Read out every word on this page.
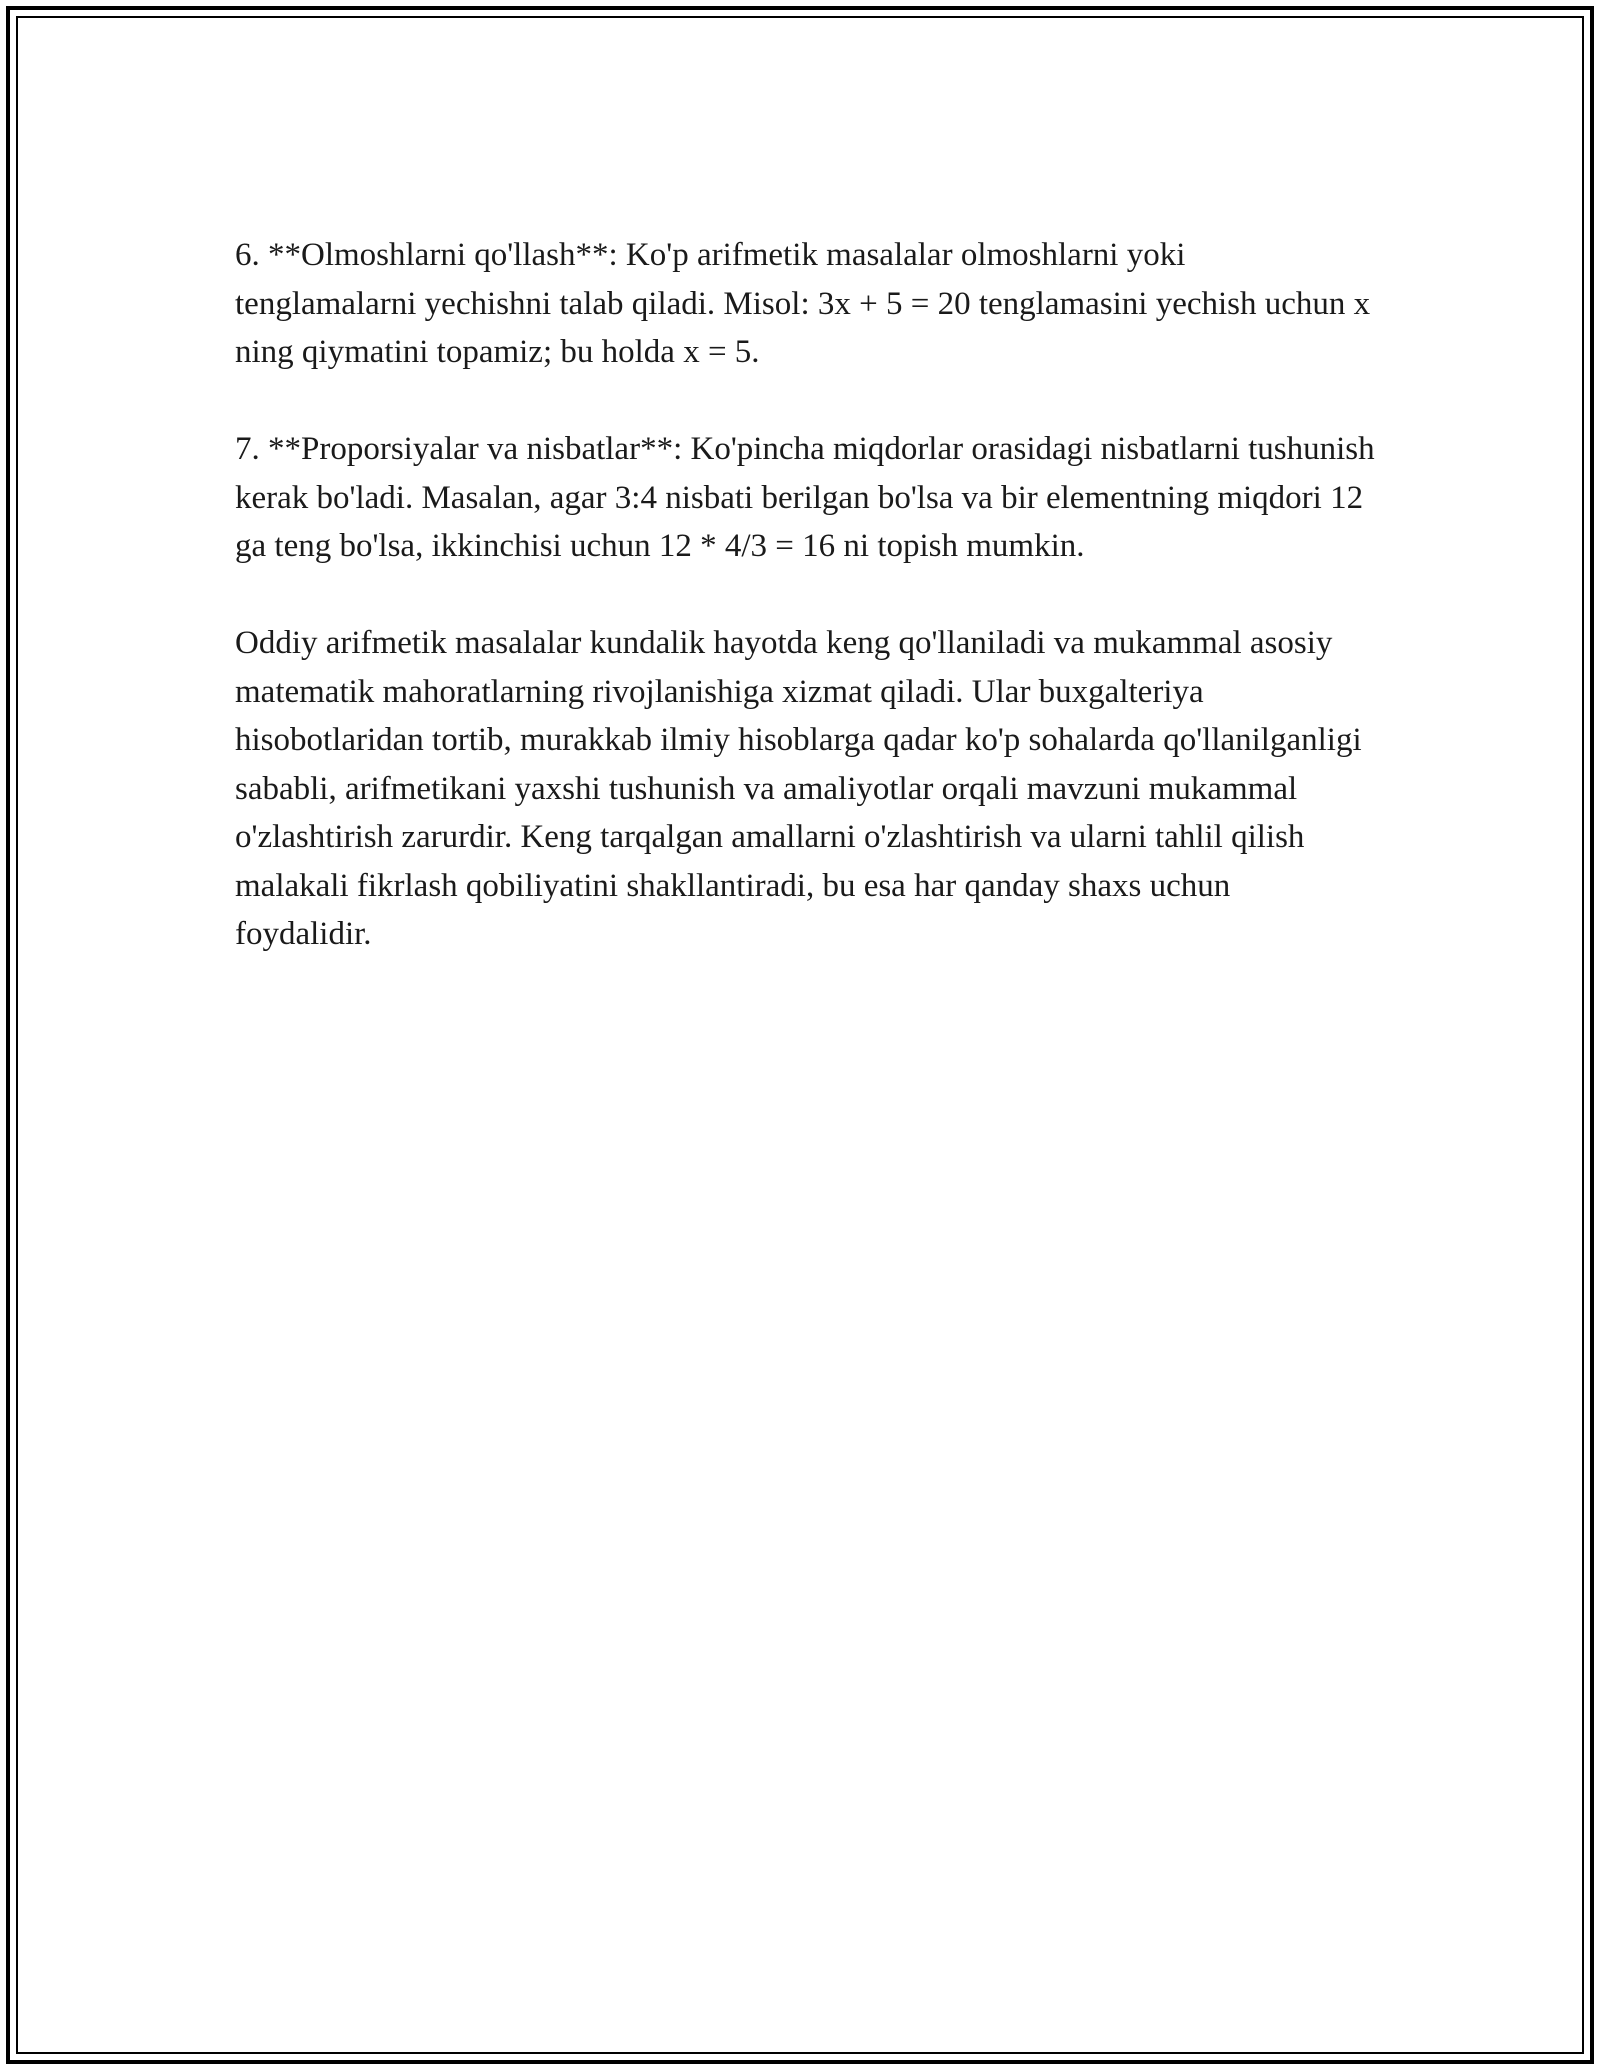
6. **Olmoshlarni qo'llash**: Ko'p arifmetik masalalar olmoshlarni yoki tenglamalarni yechishni talab qiladi. Misol: 3x + 5 = 20 tenglamasini yechish uchun x ning qiymatini topamiz; bu holda x = 5.

7. **Proporsiyalar va nisbatlar**: Ko'pincha miqdorlar orasidagi nisbatlarni tushunish kerak bo'ladi. Masalan, agar 3:4 nisbati berilgan bo'lsa va bir elementning miqdori 12 ga teng bo'lsa, ikkinchisi uchun 12 * 4/3 = 16 ni topish mumkin.

Oddiy arifmetik masalalar kundalik hayotda keng qo'llaniladi va mukammal asosiy matematik mahoratlarning rivojlanishiga xizmat qiladi. Ular buxgalteriya hisobotlaridan tortib, murakkab ilmiy hisoblarga qadar ko'p sohalarda qo'llanilganligi sababli, arifmetikani yaxshi tushunish va amaliyotlar orqali mavzuni mukammal o'zlashtirish zarurdir. Keng tarqalgan amallarni o'zlashtirish va ularni tahlil qilish malakali fikrlash qobiliyatini shakllantiradi, bu esa har qanday shaxs uchun foydalidir.
